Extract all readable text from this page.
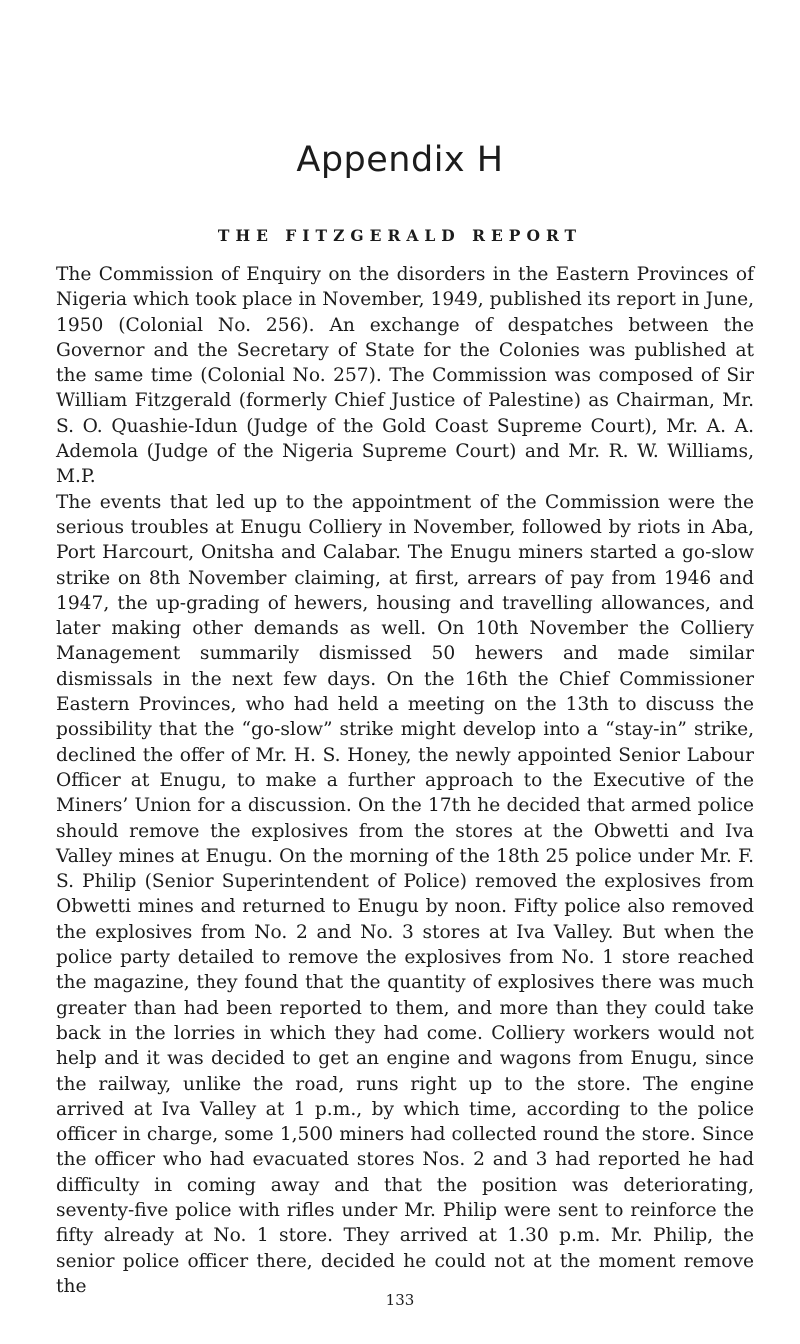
Appendix H
THE FITZGERALD REPORT

The Commission of Enquiry on the disorders in the Eastern Provinces of Nigeria which took place in November, 1949, published its report in June, 1950 (Colonial No. 256). An exchange of despatches between the Governor and the Secretary of State for the Colonies was published at the same time (Colonial No. 257). The Commission was composed of Sir William Fitzgerald (formerly Chief Justice of Palestine) as Chairman, Mr. S. O. Quashie-Idun (Judge of the Gold Coast Supreme Court), Mr. A. A. Ademola (Judge of the Nigeria Supreme Court) and Mr. R. W. Williams, M.P.

The events that led up to the appointment of the Commission were the serious troubles at Enugu Colliery in November, followed by riots in Aba, Port Harcourt, Onitsha and Calabar. The Enugu miners started a go-slow strike on 8th November claiming, at first, arrears of pay from 1946 and 1947, the up-grading of hewers, housing and travelling allowances, and later making other demands as well. On 10th November the Colliery Management summarily dismissed 50 hewers and made similar dismissals in the next few days. On the 16th the Chief Commissioner Eastern Provinces, who had held a meeting on the 13th to discuss the possibility that the “go-slow” strike might develop into a “stay-in” strike, declined the offer of Mr. H. S. Honey, the newly appointed Senior Labour Officer at Enugu, to make a further approach to the Executive of the Miners’ Union for a discussion. On the 17th he decided that armed police should remove the explosives from the stores at the Obwetti and Iva Valley mines at Enugu. On the morning of the 18th 25 police under Mr. F. S. Philip (Senior Superintendent of Police) removed the explosives from Obwetti mines and returned to Enugu by noon. Fifty police also removed the explosives from No. 2 and No. 3 stores at Iva Valley. But when the police party detailed to remove the explosives from No. 1 store reached the magazine, they found that the quantity of explosives there was much greater than had been reported to them, and more than they could take back in the lorries in which they had come. Colliery workers would not help and it was decided to get an engine and wagons from Enugu, since the railway, unlike the road, runs right up to the store. The engine arrived at Iva Valley at 1 p.m., by which time, according to the police officer in charge, some 1,500 miners had collected round the store. Since the officer who had evacuated stores Nos. 2 and 3 had reported he had difficulty in coming away and that the position was deteriorating, seventy-five police with rifles under Mr. Philip were sent to reinforce the fifty already at No. 1 store. They arrived at 1.30 p.m. Mr. Philip, the senior police officer there, decided he could not at the moment remove the

133
